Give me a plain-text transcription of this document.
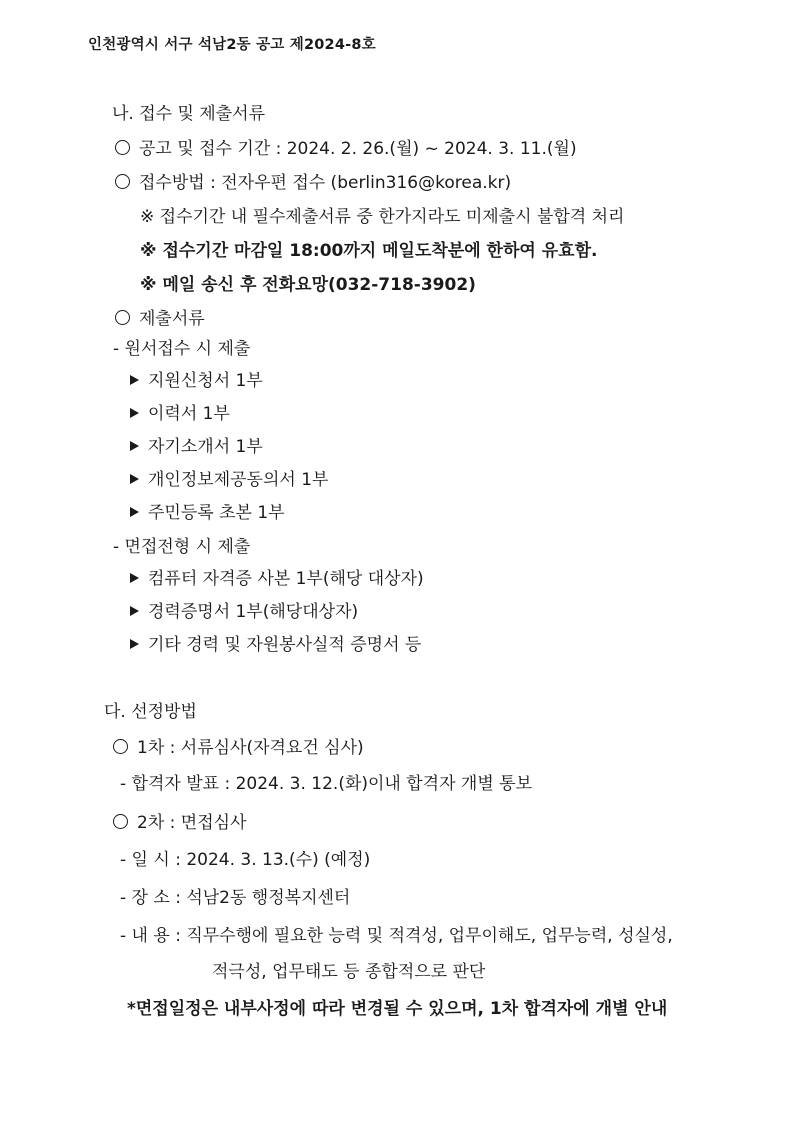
인천광역시 서구 석남2동 공고 제2024-8호
나. 접수 및 제출서류
공고 및 접수 기간 : 2024. 2. 26.(월) ~ 2024. 3. 11.(월)
접수방법 : 전자우편 접수 (berlin316@korea.kr)
※ 접수기간 내 필수제출서류 중 한가지라도 미제출시 불합격 처리
※ 접수기간 마감일 18:00까지 메일도착분에 한하여 유효함.
※ 메일 송신 후 전화요망(032-718-3902)
제출서류
- 원서접수 시 제출
지원신청서 1부
이력서 1부
자기소개서 1부
개인정보제공동의서 1부
주민등록 초본 1부
- 면접전형 시 제출
컴퓨터 자격증 사본 1부(해당 대상자)
경력증명서 1부(해당대상자)
기타 경력 및 자원봉사실적 증명서 등
다. 선정방법
1차 : 서류심사(자격요건 심사)
- 합격자 발표 : 2024. 3. 12.(화)이내 합격자 개별 통보
2차 : 면접심사
- 일 시 : 2024. 3. 13.(수) (예정)
- 장 소 : 석남2동 행정복지센터
- 내 용 : 직무수행에 필요한 능력 및 적격성, 업무이해도, 업무능력, 성실성,
적극성, 업무태도 등 종합적으로 판단
*면접일정은 내부사정에 따라 변경될 수 있으며, 1차 합격자에 개별 안내
